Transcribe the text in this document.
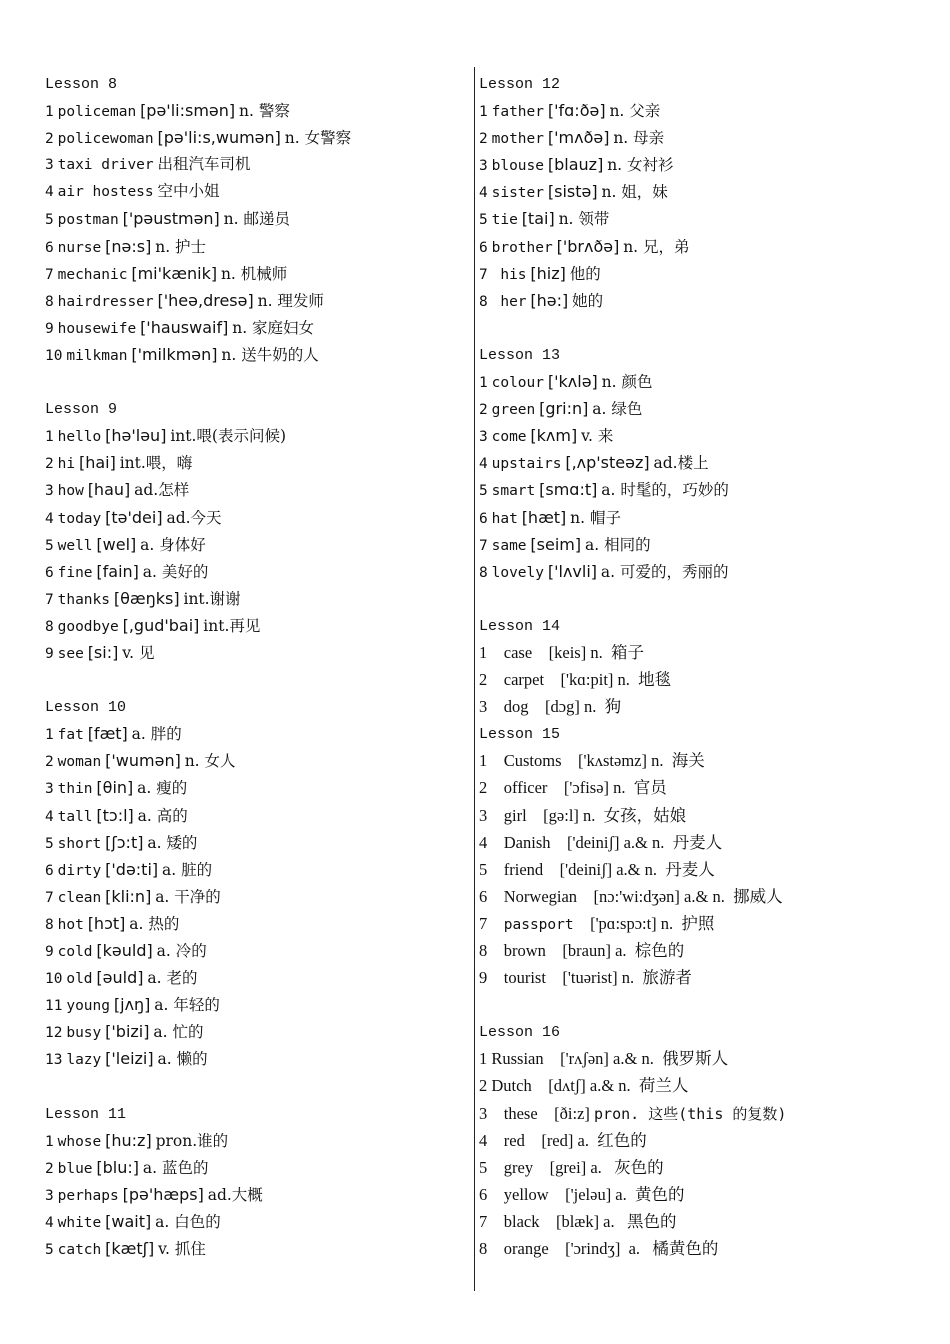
Lesson 8
1 policeman [pə'li:smən] n. 警察
2 policewoman [pə'li:s,wumən] n. 女警察
3 taxi driver 出租汽车司机
4 air hostess 空中小姐
5 postman ['pəustmən] n. 邮递员
6 nurse [nə:s] n. 护士
7 mechanic [mi'kænik] n. 机械师
8 hairdresser ['heə,dresə] n. 理发师
9 housewife ['hauswaif] n. 家庭妇女
10 milkman ['milkmən] n. 送牛奶的人
Lesson 9
1 hello [hə'ləu] int.喂(表示问候)
2 hi [hai] int.喂，嗨
3 how [hau] ad.怎样
4 today [tə'dei] ad.今天
5 well [wel] a. 身体好
6 fine [fain] a. 美好的
7 thanks [θæŋks] int.谢谢
8 goodbye [,gud'bai] int.再见
9 see [si:] v. 见
Lesson 10
1 fat [fæt] a. 胖的
2 woman ['wumən] n. 女人
3 thin [θin] a. 瘦的
4 tall [tɔ:l] a. 高的
5 short [ʃɔ:t] a. 矮的
6 dirty ['də:ti] a. 脏的
7 clean [kli:n] a. 干净的
8 hot [hɔt] a. 热的
9 cold [kəuld] a. 冷的
10 old [əuld] a. 老的
11 young [jʌŋ] a. 年轻的
12 busy ['bizi] a. 忙的
13 lazy ['leizi] a. 懒的
Lesson 11
1 whose [hu:z] pron.谁的
2 blue [blu:] a. 蓝色的
3 perhaps [pə'hæps] ad.大概
4 white [wait] a. 白色的
5 catch [kætʃ] v. 抓住
Lesson 12
1 father ['fɑ:ðə] n. 父亲
2 mother ['mʌðə] n. 母亲
3 blouse [blauz] n. 女衬衫
4 sister [sistə] n. 姐，妹
5 tie [tai] n. 领带
6 brother ['brʌðə] n. 兄，弟
7  his [hiz] 他的
8  her [hə:] 她的
Lesson 13
1 colour ['kʌlə] n. 颜色
2 green [gri:n] a. 绿色
3 come [kʌm] v. 来
4 upstairs [,ʌp'steəz] ad.楼上
5 smart [smɑ:t] a. 时髦的，巧妙的
6 hat [hæt] n. 帽子
7 same [seim] a. 相同的
8 lovely ['lʌvli] a. 可爱的，秀丽的
Lesson 14
1    case    [keis] n.  箱子
2    carpet    ['kɑ:pit] n.  地毯
3    dog    [dɔg] n.  狗
Lesson 15
1    Customs    ['kʌstəmz] n.  海关
2    officer    ['ɔfisə] n.  官员
3    girl    [gə:l] n.  女孩，姑娘
4    Danish    ['deiniʃ] a.& n.  丹麦人
5    friend    ['deiniʃ] a.& n.  丹麦人
6    Norwegian    [nɔ:'wi:dʒən] a.& n.  挪威人
7    passport    ['pɑ:spɔ:t] n.  护照
8    brown    [braun] a.  棕色的
9    tourist    ['tuərist] n.  旅游者
Lesson 16
1 Russian    ['rʌʃən] a.& n.  俄罗斯人
2 Dutch    [dʌtʃ] a.& n.  荷兰人
3    these    [ði:z] pron. 这些(this 的复数)
4    red    [red] a.  红色的
5    grey    [grei] a.   灰色的
6    yellow    ['jeləu] a.  黄色的
7    black    [blæk] a.   黑色的
8    orange    ['ɔrindʒ]  a.   橘黄色的
